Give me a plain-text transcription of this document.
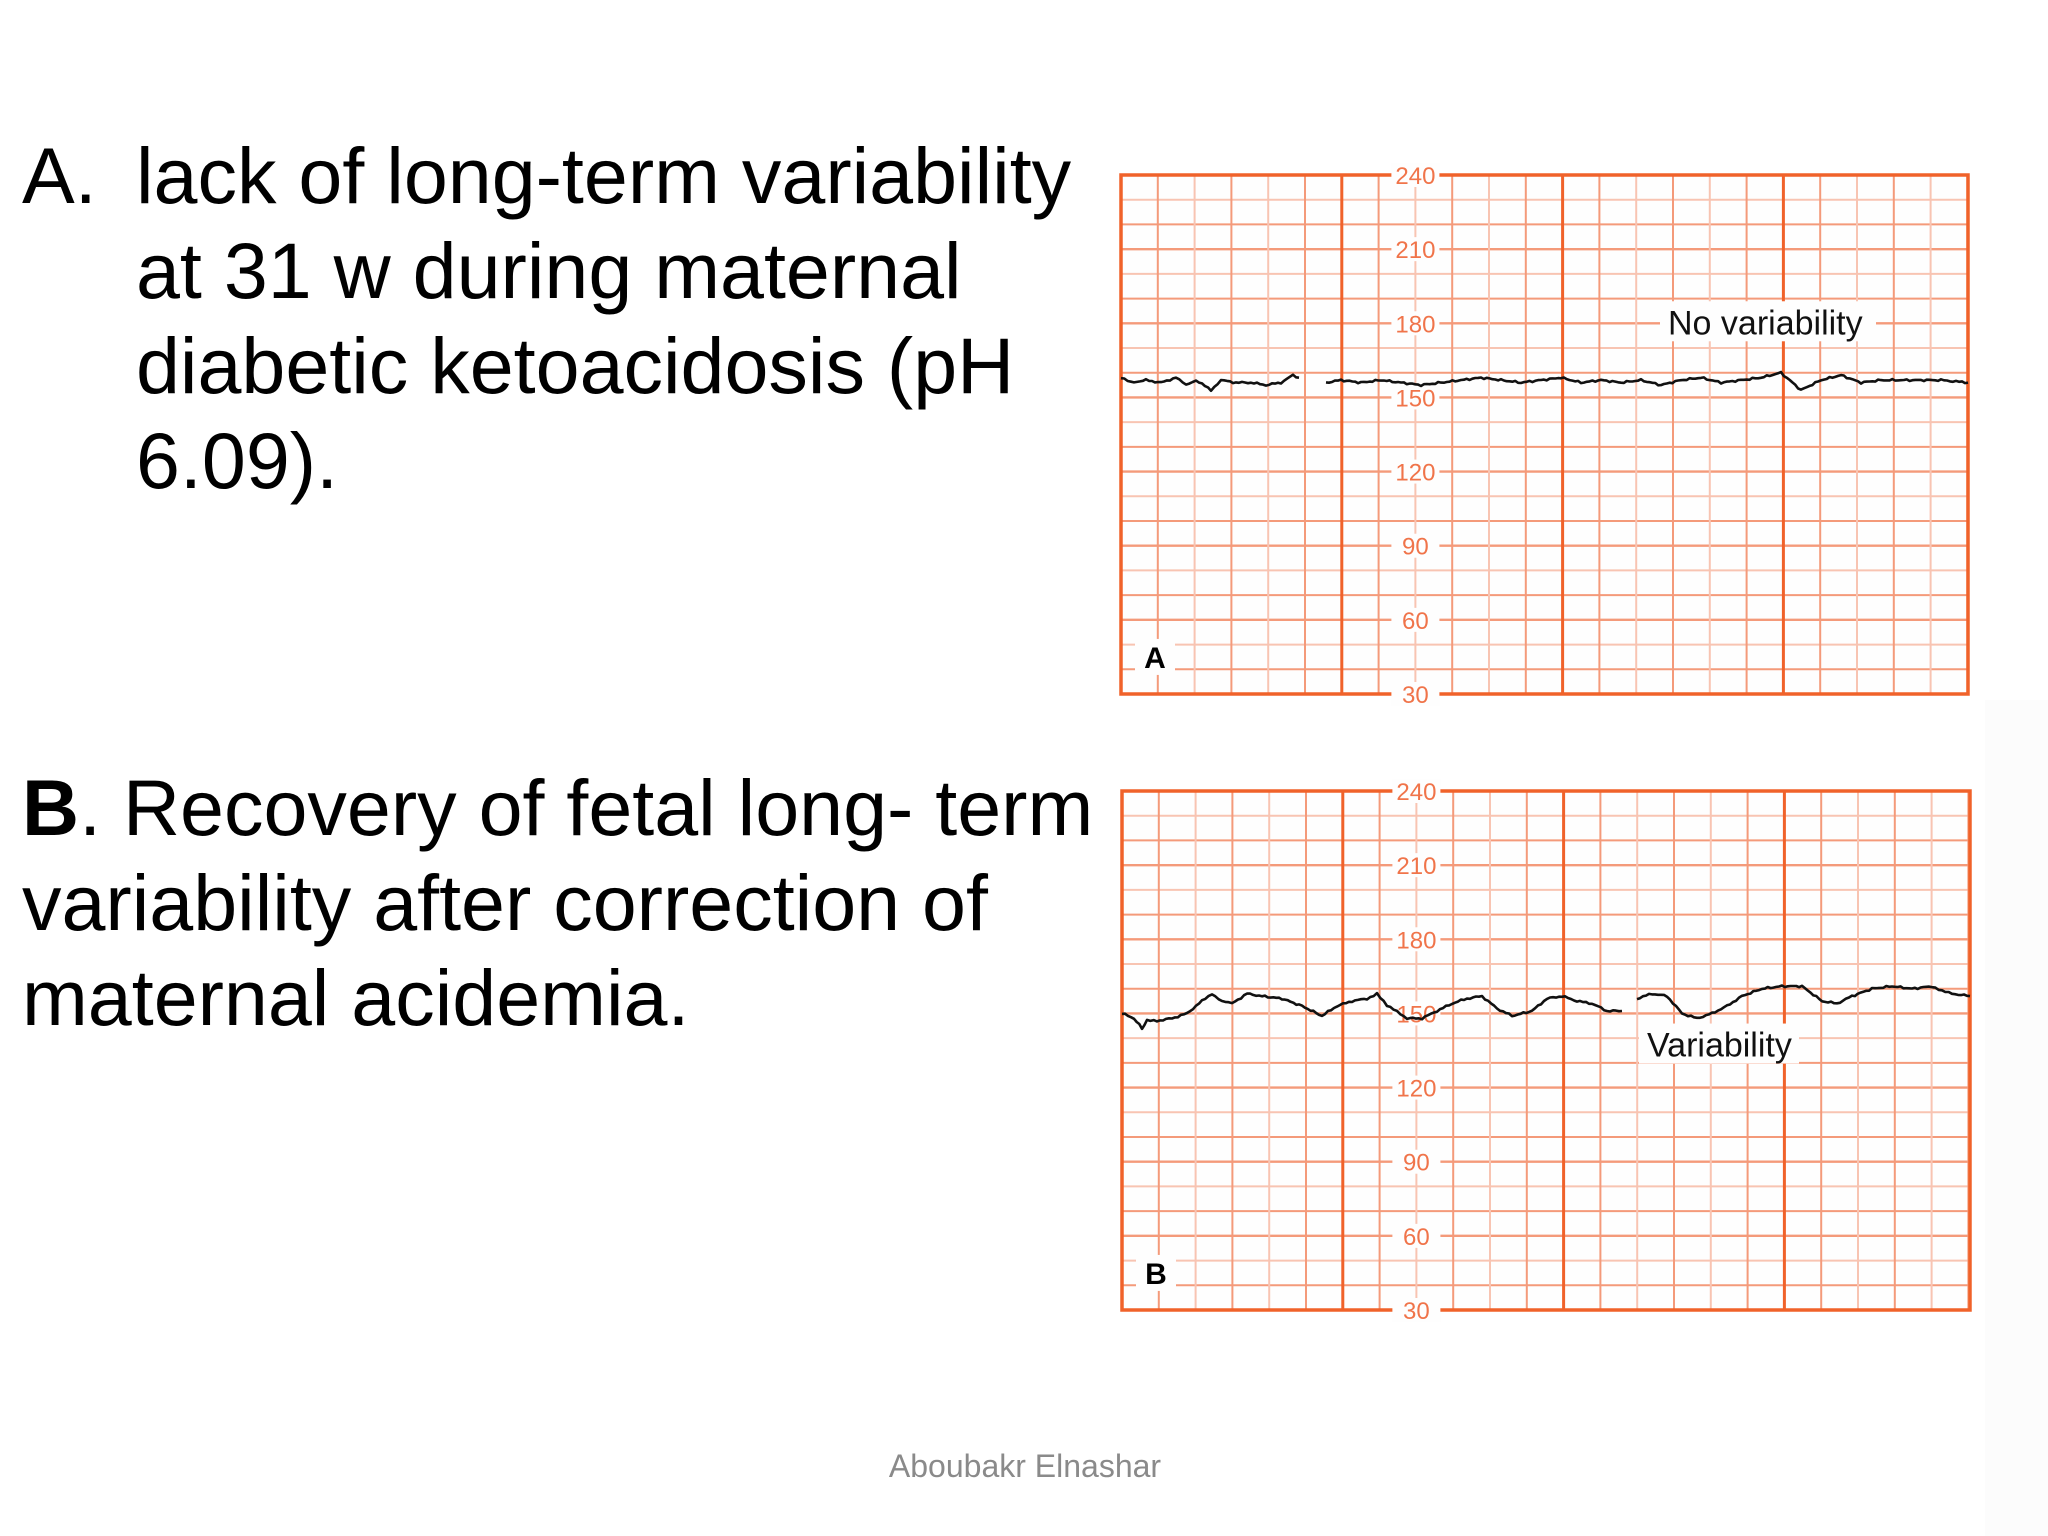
A. lack of long-term variability
at 31 w during maternal
diabetic ketoacidosis (pH
6.09).
B. Recovery of fetal long- term
variability after correction of
maternal acidemia.
240
210
180
150
120
90
60
30
A
No variability
240
210
180
150
120
90
60
30
B
Variability
Aboubakr Elnashar
